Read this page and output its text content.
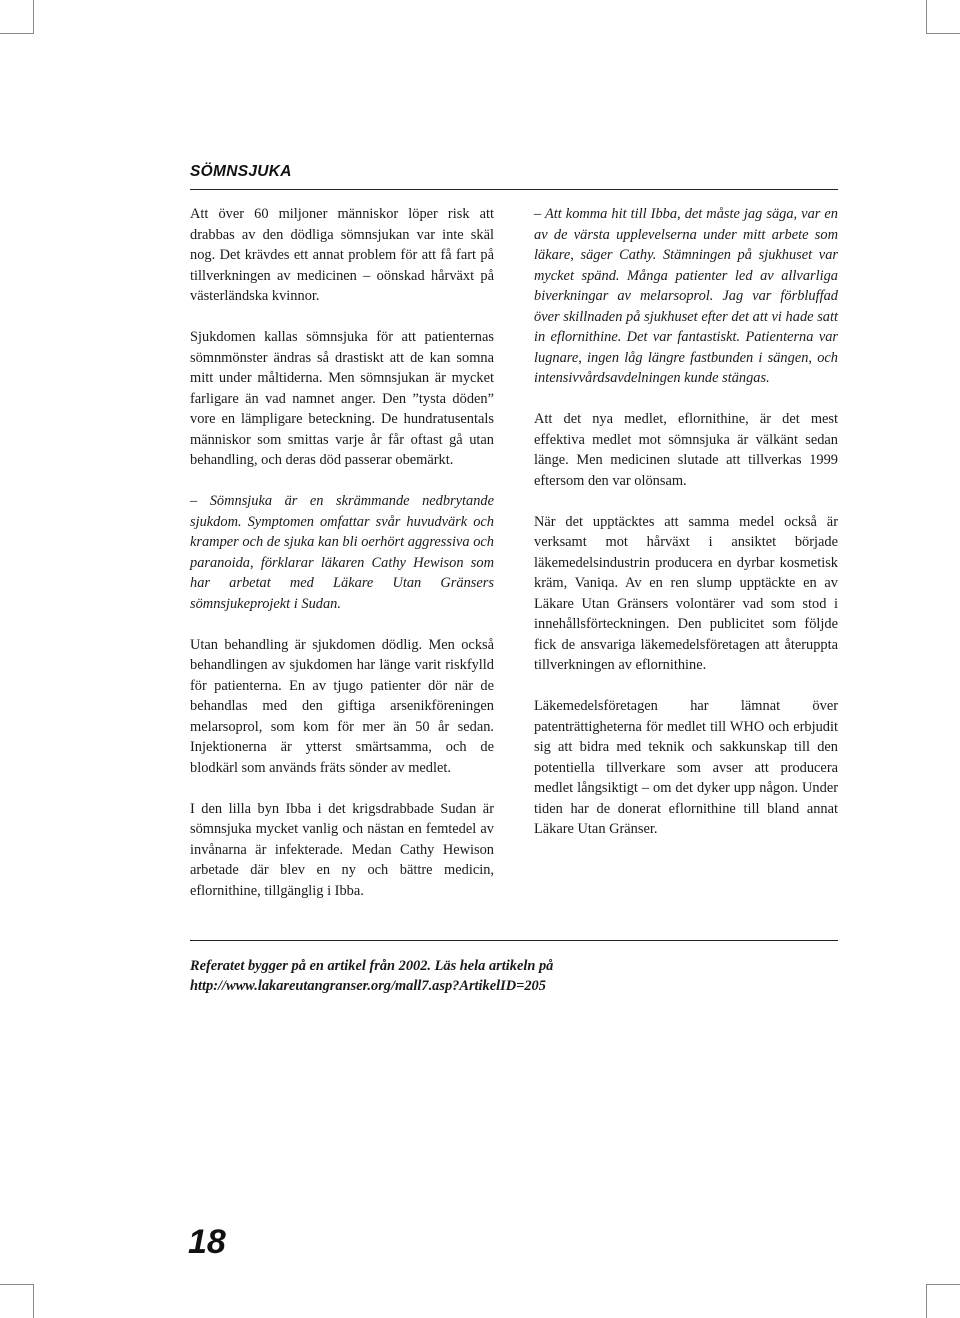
SÖMNSJUKA

Att över 60 miljoner människor löper risk att drabbas av den dödliga sömnsjukan var inte skäl nog. Det krävdes ett annat problem för att få fart på tillverkningen av medicinen – oönskad hårväxt på västerländska kvinnor.

Sjukdomen kallas sömnsjuka för att patienternas sömnmönster ändras så drastiskt att de kan somna mitt under måltiderna. Men sömnsjukan är mycket farligare än vad namnet anger. Den ”tysta döden” vore en lämpligare beteckning. De hundratusentals människor som smittas varje år får oftast gå utan behandling, och deras död passerar obemärkt.

– Sömnsjuka är en skrämmande nedbrytande sjukdom. Symptomen omfattar svår huvudvärk och kramper och de sjuka kan bli oerhört aggressiva och paranoida, förklarar läkaren Cathy Hewison som har arbetat med Läkare Utan Gränsers sömnsjukeprojekt i Sudan.

Utan behandling är sjukdomen dödlig. Men också behandlingen av sjukdomen har länge varit riskfylld för patienterna. En av tjugo patienter dör när de behandlas med den giftiga arsenikföreningen melarsoprol, som kom för mer än 50 år sedan. Injektionerna är ytterst smärtsamma, och de blodkärl som används fräts sönder av medlet.

I den lilla byn Ibba i det krigsdrabbade Sudan är sömnsjuka mycket vanlig och nästan en femtedel av invånarna är infekterade. Medan Cathy Hewison arbetade där blev en ny och bättre medicin, eflornithine, tillgänglig i Ibba.

– Att komma hit till Ibba, det måste jag säga, var en av de värsta upplevelserna under mitt arbete som läkare, säger Cathy. Stämningen på sjukhuset var mycket spänd. Många patienter led av allvarliga biverkningar av melarsoprol. Jag var förbluffad över skillnaden på sjukhuset efter det att vi hade satt in eflornithine. Det var fantastiskt. Patienterna var lugnare, ingen låg längre fastbunden i sängen, och intensivvårdsavdelningen kunde stängas.

Att det nya medlet, eflornithine, är det mest effektiva medlet mot sömnsjuka är välkänt sedan länge. Men medicinen slutade att tillverkas 1999 eftersom den var olönsam.

När det upptäcktes att samma medel också är verksamt mot hårväxt i ansiktet började läkemedelsindustrin producera en dyrbar kosmetisk kräm, Vaniqa. Av en ren slump upptäckte en av Läkare Utan Gränsers volontärer vad som stod i innehållsförteckningen. Den publicitet som följde fick de ansvariga läkemedelsföretagen att återuppta tillverkningen av eflornithine.

Läkemedelsföretagen har lämnat över patenträttigheterna för medlet till WHO och erbjudit sig att bidra med teknik och sakkunskap till den potentiella tillverkare som avser att producera medlet långsiktigt – om det dyker upp någon. Under tiden har de donerat eflornithine till bland annat Läkare Utan Gränser.

Referatet bygger på en artikel från 2002. Läs hela artikeln på
http://www.lakareutangranser.org/mall7.asp?ArtikelID=205
18
